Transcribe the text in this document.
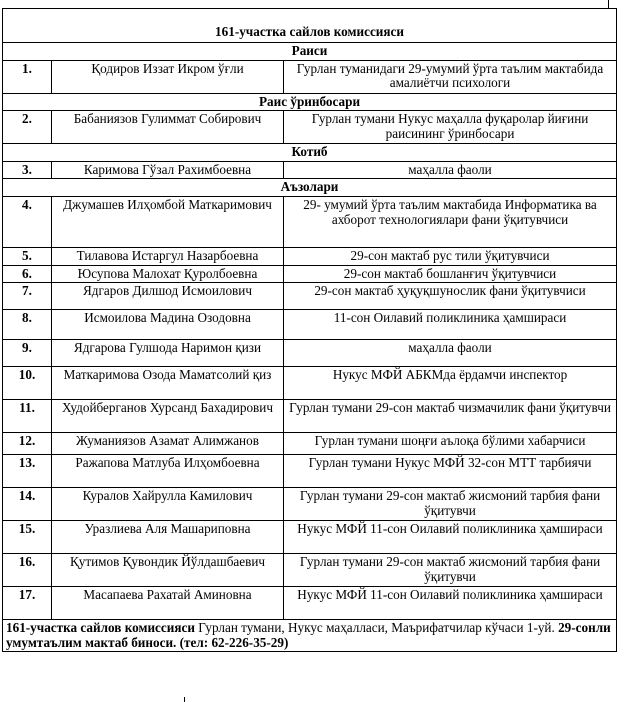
161-участка сайлов комиссияси		
Раиси		
1.	Қодиров Иззат Икром ўғли	Гурлан туманидаги 29-умумий ўрта таълим мактабида амалиётчи психологи
Раис ўринбосари		
2.	Бабаниязов Гулиммат Собирович	Гурлан тумани Нукус маҳалла фуқаролар йиғини раисининг ўринбосари
Котиб		
3.	Каримова Гўзал Рахимбоевна	маҳалла фаоли
Аъзолари		
4.	Джумашев Илҳомбой Маткаримович	29- умумий ўрта таълим мактабида Информатика ва ахборот технологиялари фани ўқитувчиси
5.	Тилавова Истаргул Назарбоевна	29-сон мактаб рус тили ўқитувчиси
6.	Юсупова Малохат Қуролбоевна	29-сон мактаб бошланғич ўқитувчиси
7.	Ядгаров Дилшод Исмоилович	29-сон мактаб ҳуқуқшунослик фани ўқитувчиси
8.	Исмоилова Мадина Озодовна	11-сон Оилавий поликлиника ҳамшираси
9.	Ядгарова Гулшода Наримон қизи	маҳалла фаоли
10.	Маткаримова Озода Маматсолий қиз	Нукус МФЙ АБКМда ёрдамчи инспектор
11.	Худойберганов Хурсанд Бахадирович	Гурлан тумани 29-сон мактаб чизмачилик фани ўқитувчи
12.	Жуманиязов Азамат Алимжанов	Гурлан тумани шоңғи аълоқа бўлими хабарчиси
13.	Ражапова Матлуба Илҳомбоевна	Гурлан тумани Нукус МФЙ 32-сон МТТ тарбиячи
14.	Куралов Хайрулла Камилович	Гурлан тумани 29-сон мактаб жисмоний тарбия фани ўқитувчи
15.	Уразлиева Аля Машариповна	Нукус МФЙ 11-сон Оилавий поликлиника ҳамшираси
16.	Қутимов Қувондик Йўлдашбаевич	Гурлан тумани 29-сон мактаб жисмоний тарбия фани ўқитувчи
17.	Масапаева Рахатай Аминовна	Нукус МФЙ 11-сон Оилавий поликлиника ҳамшираси
161-участка сайлов комиссияси Гурлан тумани, Нукус маҳалласи, Маърифатчилар кўчаси 1-уй. 29-сонли умумтаълим мактаб биноси. (тел: 62-226-35-29)		
